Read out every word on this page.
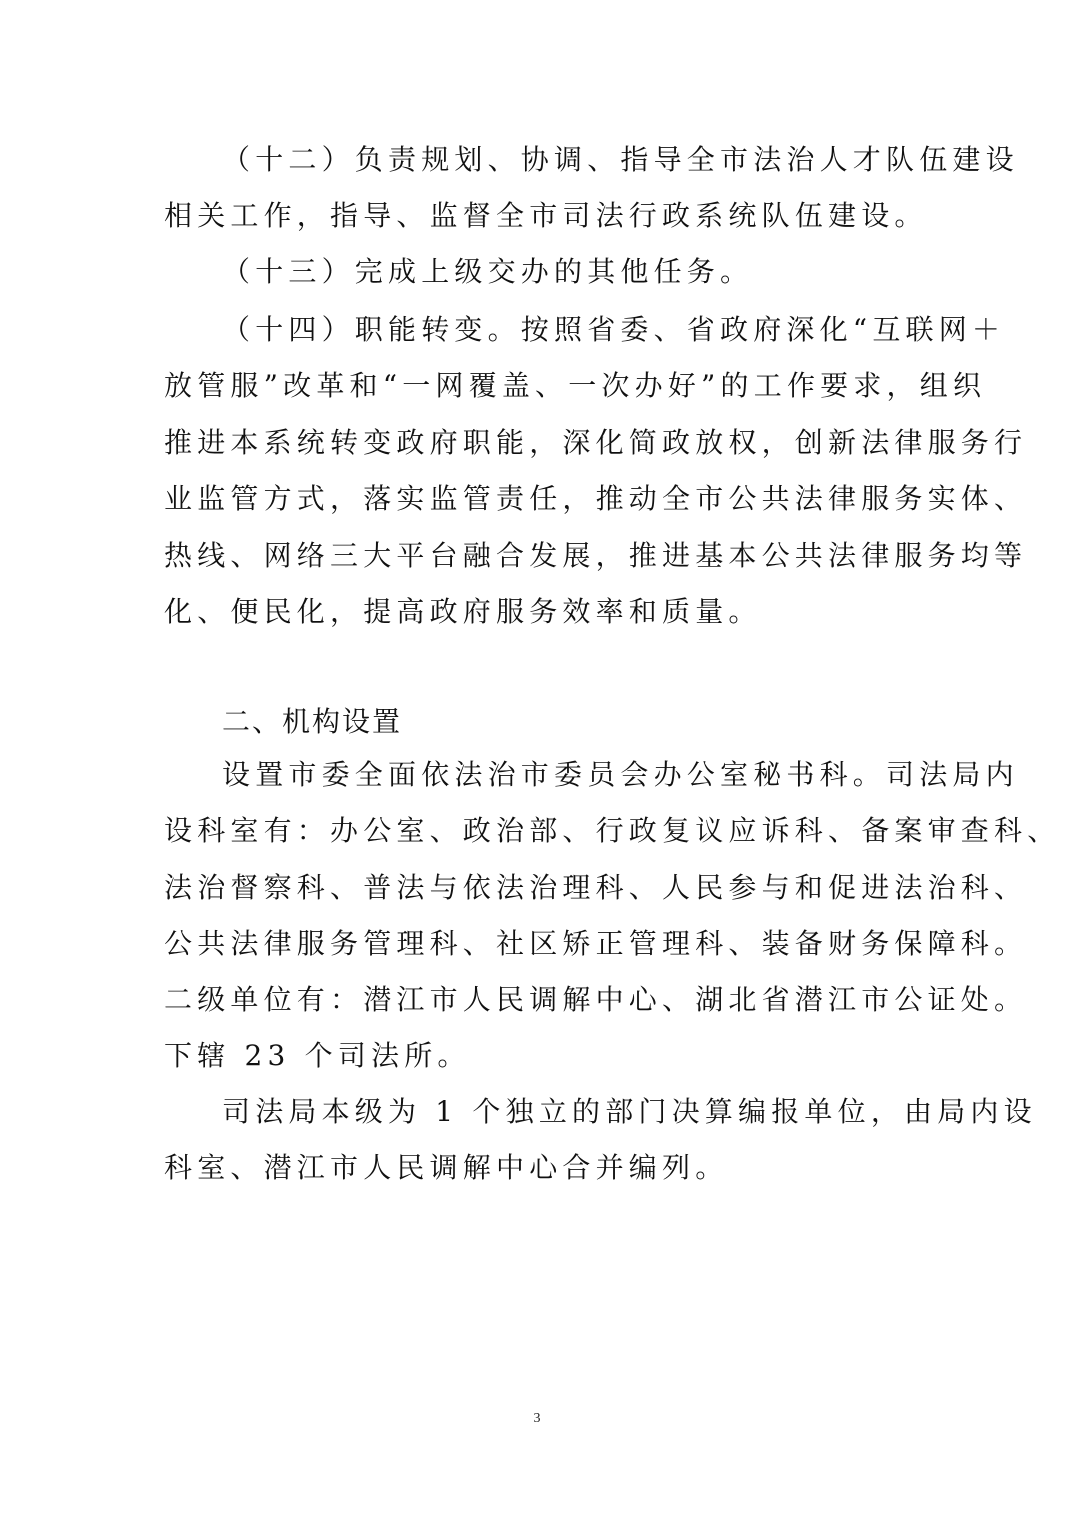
（十二）负责规划、协调、指导全市法治人才队伍建设
相关工作，指导、监督全市司法行政系统队伍建设。
（十三）完成上级交办的其他任务。
（十四）职能转变。按照省委、省政府深化“互联网＋
放管服”改革和“一网覆盖、一次办好”的工作要求，组织
推进本系统转变政府职能，深化简政放权，创新法律服务行
业监管方式，落实监管责任，推动全市公共法律服务实体、
热线、网络三大平台融合发展，推进基本公共法律服务均等
化、便民化，提高政府服务效率和质量。
二、机构设置
设置市委全面依法治市委员会办公室秘书科。司法局内
设科室有：办公室、政治部、行政复议应诉科、备案审查科、
法治督察科、普法与依法治理科、人民参与和促进法治科、
公共法律服务管理科、社区矫正管理科、装备财务保障科。
二级单位有：潜江市人民调解中心、湖北省潜江市公证处。
下辖 23 个司法所。
司法局本级为 1 个独立的部门决算编报单位，由局内设
科室、潜江市人民调解中心合并编列。
3
